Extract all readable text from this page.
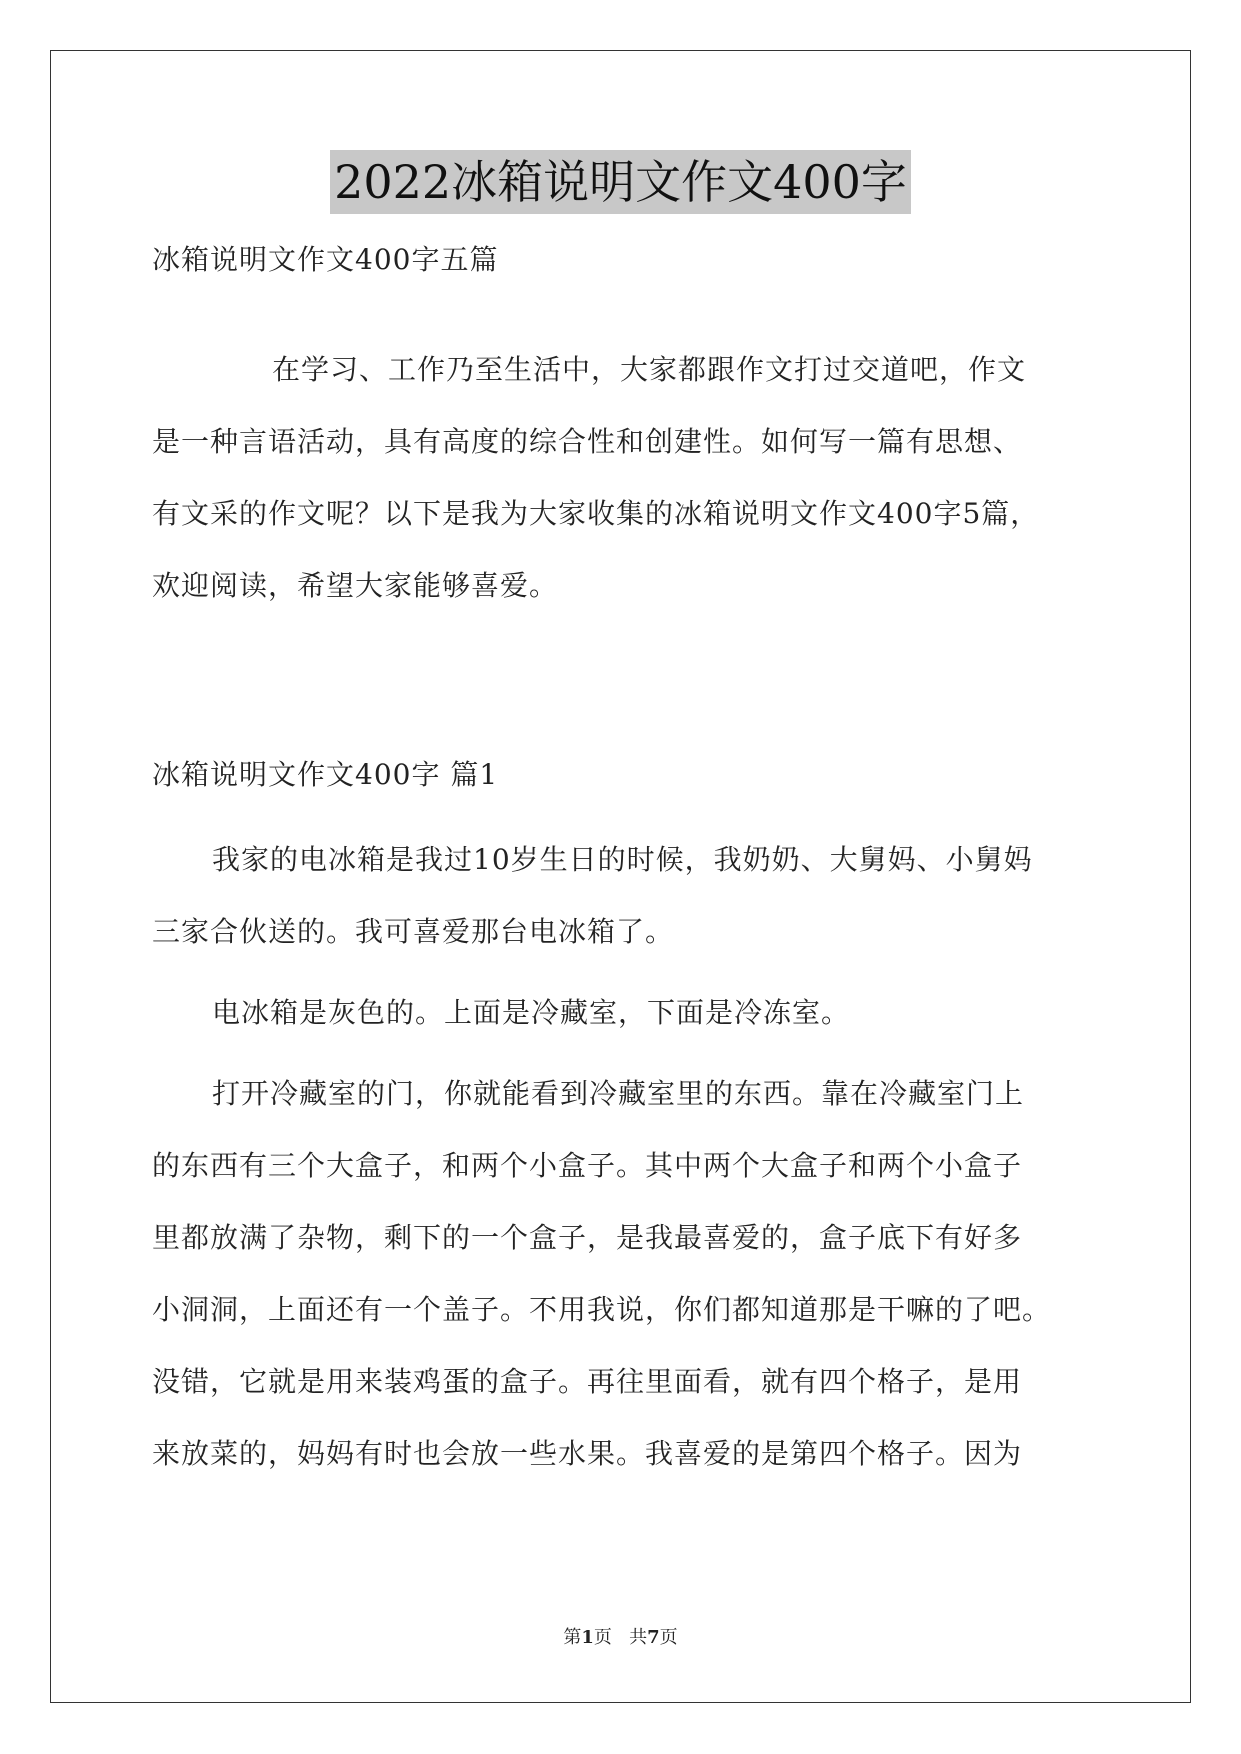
2022冰箱说明文作文400字
冰箱说明文作文400字五篇
在学习、工作乃至生活中，大家都跟作文打过交道吧，作文
是一种言语活动，具有高度的综合性和创建性。如何写一篇有思想、
有文采的作文呢？以下是我为大家收集的冰箱说明文作文400字5篇，
欢迎阅读，希望大家能够喜爱。
冰箱说明文作文400字 篇1
我家的电冰箱是我过10岁生日的时候，我奶奶、大舅妈、小舅妈
三家合伙送的。我可喜爱那台电冰箱了。
电冰箱是灰色的。上面是冷藏室，下面是冷冻室。
打开冷藏室的门，你就能看到冷藏室里的东西。靠在冷藏室门上
的东西有三个大盒子，和两个小盒子。其中两个大盒子和两个小盒子
里都放满了杂物，剩下的一个盒子，是我最喜爱的，盒子底下有好多
小洞洞，上面还有一个盖子。不用我说，你们都知道那是干嘛的了吧。
没错，它就是用来装鸡蛋的盒子。再往里面看，就有四个格子，是用
来放菜的，妈妈有时也会放一些水果。我喜爱的是第四个格子。因为
第1页   共7页
